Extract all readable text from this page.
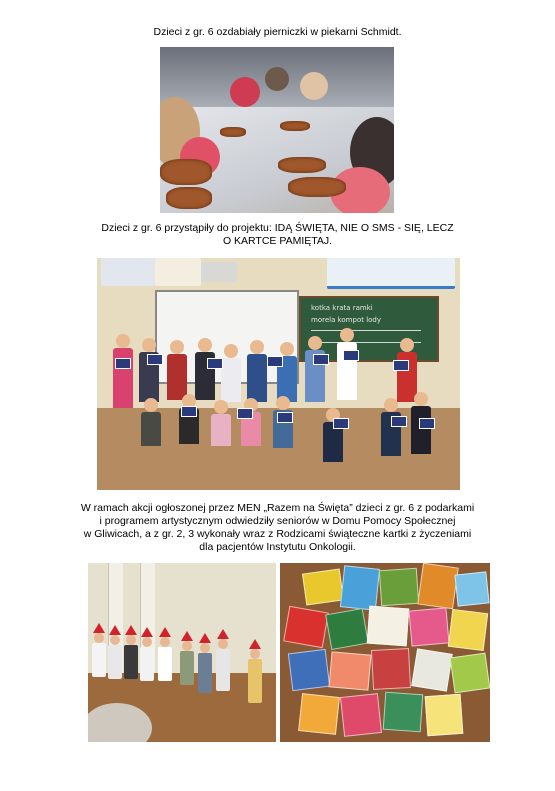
Dzieci z gr. 6 ozdabiały pierniczki w piekarni Schmidt.
Dzieci z gr. 6 przystąpiły do projektu: IDĄ ŚWIĘTA, NIE O SMS - SIĘ, LECZ
O KARTCE PAMIĘTAJ.
kotka krata ramki
morela kompot lody
W ramach akcji ogłoszonej przez MEN „Razem na Święta” dzieci z gr. 6 z podarkami
i programem artystycznym odwiedziły seniorów w Domu Pomocy Społecznej
w Gliwicach, a z gr. 2, 3 wykonały wraz z Rodzicami świąteczne kartki z życzeniami
dla pacjentów Instytutu Onkologii.
